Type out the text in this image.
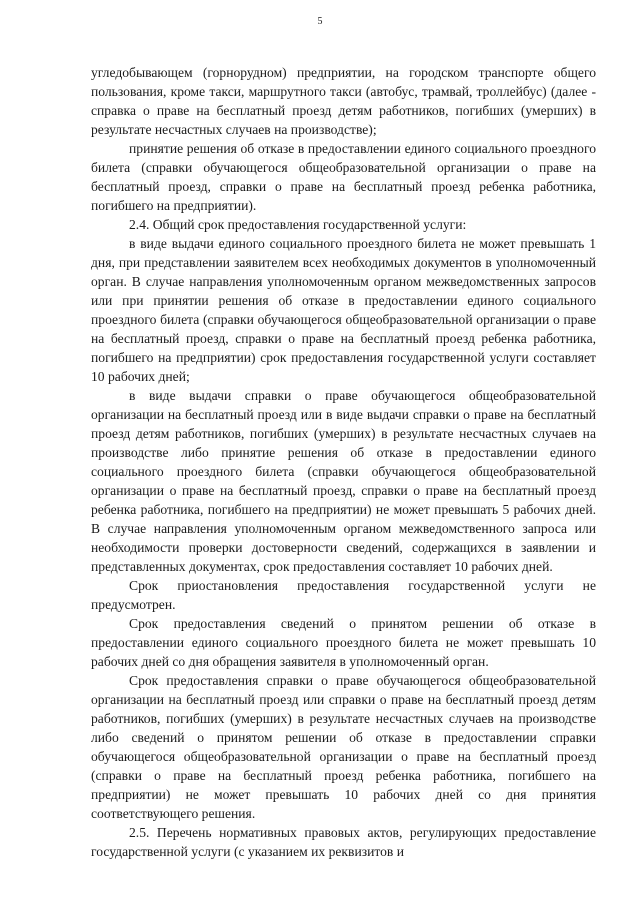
5

угледобывающем (горнорудном) предприятии, на городском транспорте общего пользования, кроме такси, маршрутного такси (автобус, трамвай, троллейбус) (далее - справка о праве на бесплатный проезд детям работников, погибших (умерших) в результате несчастных случаев на производстве);

принятие решения об отказе в предоставлении единого социального проездного билета (справки обучающегося общеобразовательной организации о праве на бесплатный проезд, справки о праве на бесплатный проезд ребенка работника, погибшего на предприятии).

2.4. Общий срок предоставления государственной услуги:

в виде выдачи единого социального проездного билета не может превышать 1 дня, при представлении заявителем всех необходимых документов в уполномоченный орган. В случае направления уполномоченным органом межведомственных запросов или при принятии решения об отказе в предоставлении единого социального проездного билета (справки обучающегося общеобразовательной организации о праве на бесплатный проезд, справки о праве на бесплатный проезд ребенка работника, погибшего на предприятии) срок предоставления государственной услуги составляет 10 рабочих дней;

в виде выдачи справки о праве обучающегося общеобразовательной организации на бесплатный проезд или в виде выдачи справки о праве на бесплатный проезд детям работников, погибших (умерших) в результате несчастных случаев на производстве либо принятие решения об отказе в предоставлении единого социального проездного билета (справки обучающегося общеобразовательной организации о праве на бесплатный проезд, справки о праве на бесплатный проезд ребенка работника, погибшего на предприятии) не может превышать 5 рабочих дней. В случае направления уполномоченным органом межведомственного запроса или необходимости проверки достоверности сведений, содержащихся в заявлении и представленных документах, срок предоставления составляет 10 рабочих дней.

Срок приостановления предоставления государственной услуги не предусмотрен.

Срок предоставления сведений о принятом решении об отказе в предоставлении единого социального проездного билета не может превышать 10 рабочих дней со дня обращения заявителя в уполномоченный орган.

Срок предоставления справки о праве обучающегося общеобразовательной организации на бесплатный проезд или справки о праве на бесплатный проезд детям работников, погибших (умерших) в результате несчастных случаев на производстве либо сведений о принятом решении об отказе в предоставлении справки обучающегося общеобразовательной организации о праве на бесплатный проезд (справки о праве на бесплатный проезд ребенка работника, погибшего на предприятии) не может превышать 10 рабочих дней со дня принятия соответствующего решения.

2.5. Перечень нормативных правовых актов, регулирующих предоставление государственной услуги (с указанием их реквизитов и
